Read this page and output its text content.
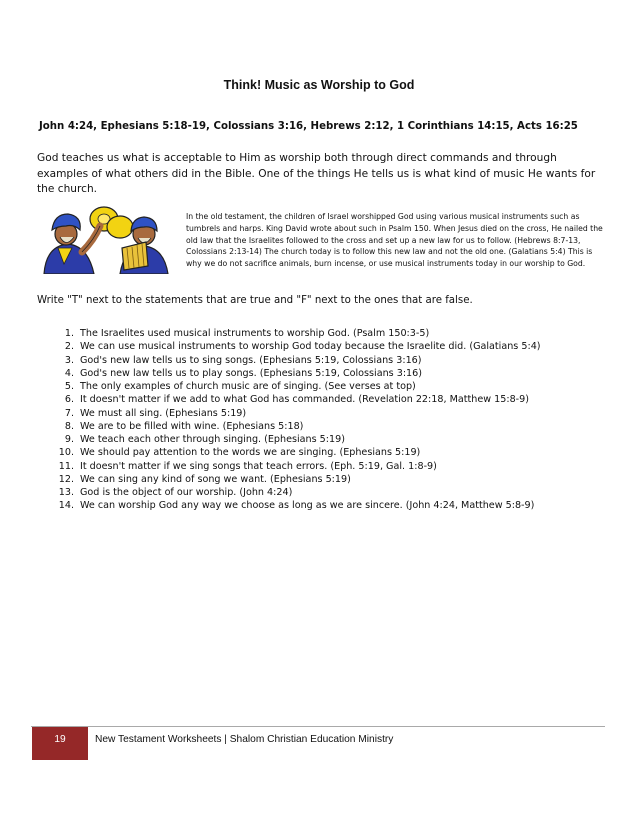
Think! Music as Worship to God
John 4:24, Ephesians 5:18-19, Colossians 3:16, Hebrews 2:12, 1 Corinthians 14:15, Acts 16:25
God teaches us what is acceptable to Him as worship both through direct commands and through examples of what others did in the Bible. One of the things He tells us is what kind of music He wants for the church.
In the old testament, the children of Israel worshipped God using various musical instruments such as tumbrels and harps. King David wrote about such in Psalm 150. When Jesus died on the cross, He nailed the old law that the Israelites followed to the cross and set up a new law for us to follow. (Hebrews 8:7-13, Colossians 2:13-14) The church today is to follow this new law and not the old one. (Galatians 5:4) This is why we do not sacrifice animals, burn incense, or use musical instruments today in our worship to God.
Write "T" next to the statements that are true and "F" next to the ones that are false.
1. The Israelites used musical instruments to worship God. (Psalm 150:3-5)
2. We can use musical instruments to worship God today because the Israelite did. (Galatians 5:4)
3. God's new law tells us to sing songs. (Ephesians 5:19, Colossians 3:16)
4. God's new law tells us to play songs. (Ephesians 5:19, Colossians 3:16)
5. The only examples of church music are of singing. (See verses at top)
6. It doesn't matter if we add to what God has commanded. (Revelation 22:18, Matthew 15:8-9)
7. We must all sing. (Ephesians 5:19)
8. We are to be filled with wine. (Ephesians 5:18)
9. We teach each other through singing. (Ephesians 5:19)
10. We should pay attention to the words we are singing. (Ephesians 5:19)
11. It doesn't matter if we sing songs that teach errors. (Eph. 5:19, Gal. 1:8-9)
12. We can sing any kind of song we want. (Ephesians 5:19)
13. God is the object of our worship. (John 4:24)
14. We can worship God any way we choose as long as we are sincere. (John 4:24, Matthew 5:8-9)
19	New Testament Worksheets | Shalom Christian Education Ministry
